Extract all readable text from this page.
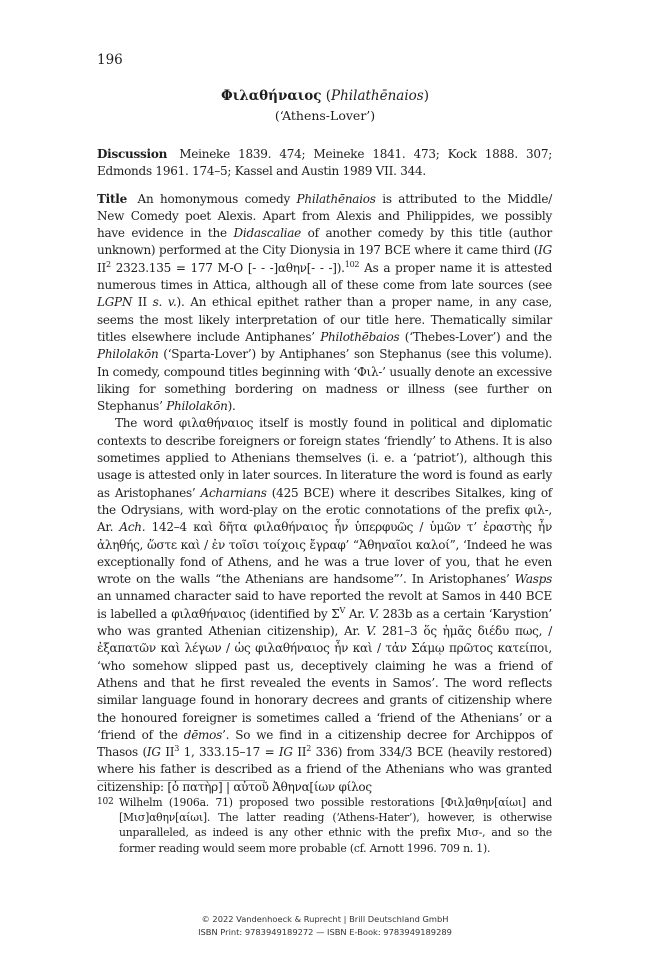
196
Φιλαθήναιος (Philathēnaios)
(‘Athens-Lover’)

Discussion Meineke 1839. 474; Meineke 1841. 473; Kock 1888. 307; Edmonds 1961. 174–5; Kassel and Austin 1989 VII. 344.

Title An homonymous comedy Philathēnaios is attributed to the Middle/ New Comedy poet Alexis. Apart from Alexis and Philippides, we possibly have evidence in the Didascaliae of another comedy by this title (author unknown) performed at the City Dionysia in 197 BCE where it came third (IG $II^2$ 2323.135 = 177 M-O [- - -]αθην[- - -]).$^{102}$ As a proper name it is attested numerous times in Attica, although all of these come from late sources (see LGPN II s. v.). An ethical epithet rather than a proper name, in any case, seems the most likely interpretation of our title here. Thematically similar titles elsewhere include Antiphanes’ Philothēbaios (‘Thebes-Lover’) and the Philolakōn (‘Sparta-Lover’) by Antiphanes’ son Stephanus (see this volume). In comedy, compound titles beginning with ‘Φιλ-’ usually denote an excessive liking for something bordering on madness or illness (see further on Stephanus’ Philolakōn).

The word φιλαθήναιος itself is mostly found in political and diplomatic contexts to describe foreigners or foreign states ‘friendly’ to Athens. It is also sometimes applied to Athenians themselves (i. e. a ‘patriot’), although this usage is attested only in later sources. In literature the word is found as early as Aristophanes’ Acharnians (425 BCE) where it describes Sitalkes, king of the Odrysians, with word-play on the erotic connotations of the prefix φιλ-, Ar. Ach. 142–4 καὶ δῆτα φιλαθήναιος ἦν ὑπερφυῶς / ὑμῶν τ’ ἐραστὴς ἦν ἀληθής, ὥστε καὶ / ἐν τοῖσι τοίχοις ἔγραφ’ “Ἀθηναῖοι καλοί”, ‘Indeed he was exceptionally fond of Athens, and he was a true lover of you, that he even wrote on the walls “the Athenians are handsome”’. In Aristophanes’ Wasps an unnamed character said to have reported the revolt at Samos in 440 BCE is labelled a φιλαθήναιος (identified by $\Sigma^V$ Ar. V. 283b as a certain ‘Karystion’ who was granted Athenian citizenship), Ar. V. 281–3 ὅς ἡμᾶς διέδυ πως, / ἐξαπατῶν καὶ λέγων / ὡς φιλαθήναιος ἦν καὶ / τἀν Σάμῳ πρῶτος κατείποι, ‘who somehow slipped past us, deceptively claiming he was a friend of Athens and that he first revealed the events in Samos’. The word reflects similar language found in honorary decrees and grants of citizenship where the honoured foreigner is sometimes called a ‘friend of the Athenians’ or a ‘friend of the dēmos’. So we find in a citizenship decree for Archippos of Thasos (IG $II^3$ 1, 333.15–17 = IG $II^2$ 336) from 334/3 BCE (heavily restored) where his father is described as a friend of the Athenians who was granted citizenship: [ὁ πατὴρ] | αὐτοῦ Ἀθηνα[ίων φίλος

102 Wilhelm (1906a. 71) proposed two possible restorations [Φιλ]αθην[αίωι] and [Μισ]αθην[αίωι]. The latter reading (‘Athens-Hater’), however, is otherwise unparalleled, as indeed is any other ethnic with the prefix Μισ-, and so the former reading would seem more probable (cf. Arnott 1996. 709 n. 1).
© 2022 Vandenhoeck & Ruprecht | Brill Deutschland GmbH
ISBN Print: 9783949189272 — ISBN E-Book: 9783949189289
